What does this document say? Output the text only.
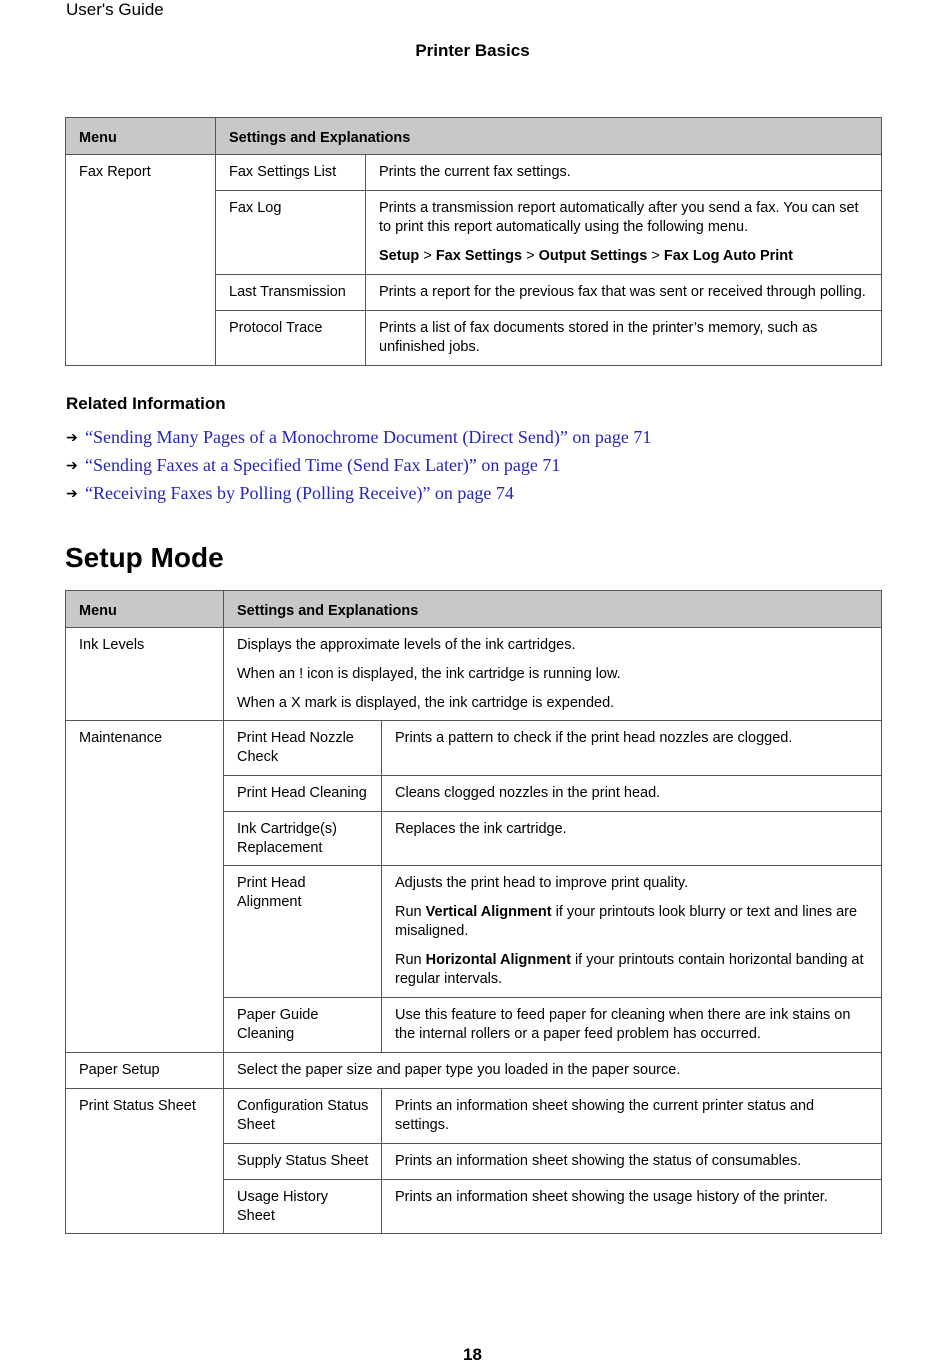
User's Guide
Printer Basics
Menu	Settings and Explanations	
Fax Report	Fax Settings List	Prints the current fax settings.
	Fax Log	Prints a transmission report automatically after you send a fax. You can set to print this report automatically using the following menu.

Setup > Fax Settings > Output Settings > Fax Log Auto Print

	Last Transmission	Prints a report for the previous fax that was sent or received through polling.
	Protocol Trace	Prints a list of fax documents stored in the printer’s memory, such as unfinished jobs.
Related Information
➔ “Sending Many Pages of a Monochrome Document (Direct Send)” on page 71
➔ “Sending Faxes at a Specified Time (Send Fax Later)” on page 71
➔ “Receiving Faxes by Polling (Polling Receive)” on page 74
Setup Mode
Menu	Settings and Explanations	
Ink Levels	Displays the approximate levels of the ink cartridges.

When an ! icon is displayed, the ink cartridge is running low.

When a X mark is displayed, the ink cartridge is expended.	

Maintenance	Print Head Nozzle Check	Prints a pattern to check if the print head nozzles are clogged.
	Print Head Cleaning	Cleans clogged nozzles in the print head.
	Ink Cartridge(s) Replacement	Replaces the ink cartridge.
	Print Head Alignment	Adjusts the print head to improve print quality.

Run Vertical Alignment if your printouts look blurry or text and lines are misaligned.

Run Horizontal Alignment if your printouts contain horizontal banding at regular intervals.

	Paper Guide Cleaning	Use this feature to feed paper for cleaning when there are ink stains on the internal rollers or a paper feed problem has occurred.
Paper Setup	Select the paper size and paper type you loaded in the paper source.	
Print Status Sheet	Configuration Status Sheet	Prints an information sheet showing the current printer status and settings.
	Supply Status Sheet	Prints an information sheet showing the status of consumables.
	Usage History Sheet	Prints an information sheet showing the usage history of the printer.
18
